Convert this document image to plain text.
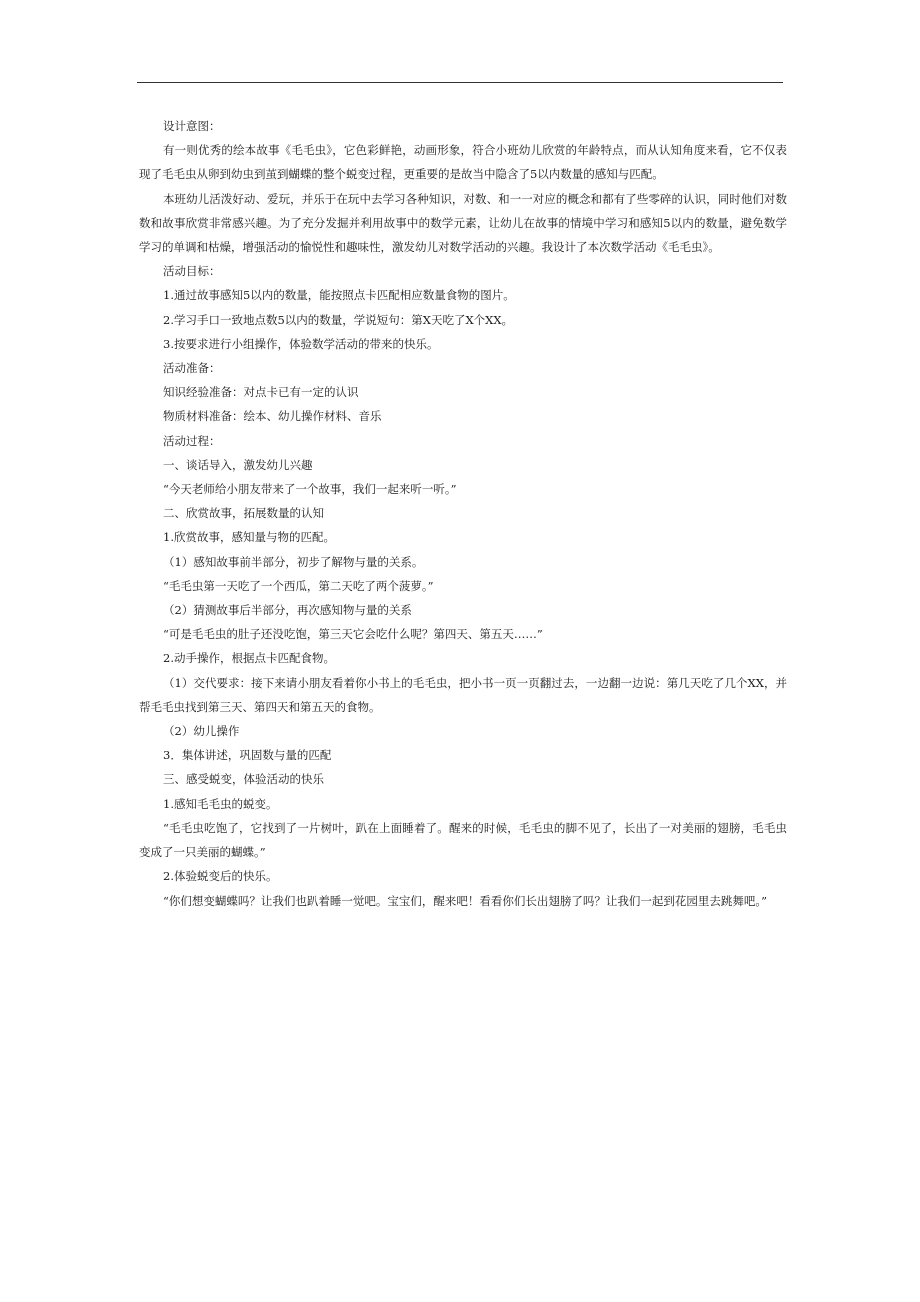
设计意图：

有一则优秀的绘本故事《毛毛虫》，它色彩鲜艳，动画形象，符合小班幼儿欣赏的年龄特点，而从认知角度来看，它不仅表现了毛毛虫从卵到幼虫到茧到蝴蝶的整个蜕变过程，更重要的是故当中隐含了5以内数量的感知与匹配。

本班幼儿活泼好动、爱玩，并乐于在玩中去学习各种知识，对数、和一一对应的概念和都有了些零碎的认识，同时他们对数数和故事欣赏非常感兴趣。为了充分发掘并利用故事中的数学元素，让幼儿在故事的情境中学习和感知5以内的数量，避免数学学习的单调和枯燥，增强活动的愉悦性和趣味性，激发幼儿对数学活动的兴趣。我设计了本次数学活动《毛毛虫》。

活动目标：

1.通过故事感知5以内的数量，能按照点卡匹配相应数量食物的图片。

2.学习手口一致地点数5以内的数量，学说短句：第X天吃了X个XX。

3.按要求进行小组操作，体验数学活动的带来的快乐。

活动准备：

知识经验准备：对点卡已有一定的认识

物质材料准备：绘本、幼儿操作材料、音乐

活动过程：

一、谈话导入，激发幼儿兴趣

“今天老师给小朋友带来了一个故事，我们一起来听一听。”

二、欣赏故事，拓展数量的认知

1.欣赏故事，感知量与物的匹配。

（1）感知故事前半部分，初步了解物与量的关系。

“毛毛虫第一天吃了一个西瓜，第二天吃了两个菠萝。”

（2）猜测故事后半部分，再次感知物与量的关系

“可是毛毛虫的肚子还没吃饱，第三天它会吃什么呢？第四天、第五天……”

2.动手操作，根据点卡匹配食物。

（1）交代要求：接下来请小朋友看着你小书上的毛毛虫，把小书一页一页翻过去，一边翻一边说：第几天吃了几个XX，并帮毛毛虫找到第三天、第四天和第五天的食物。

（2）幼儿操作

3．集体讲述，巩固数与量的匹配

三、感受蜕变，体验活动的快乐

1.感知毛毛虫的蜕变。

“毛毛虫吃饱了，它找到了一片树叶，趴在上面睡着了。醒来的时候，毛毛虫的脚不见了，长出了一对美丽的翅膀，毛毛虫变成了一只美丽的蝴蝶。”

2.体验蜕变后的快乐。

“你们想变蝴蝶吗？让我们也趴着睡一觉吧。宝宝们，醒来吧！看看你们长出翅膀了吗？让我们一起到花园里去跳舞吧。”
